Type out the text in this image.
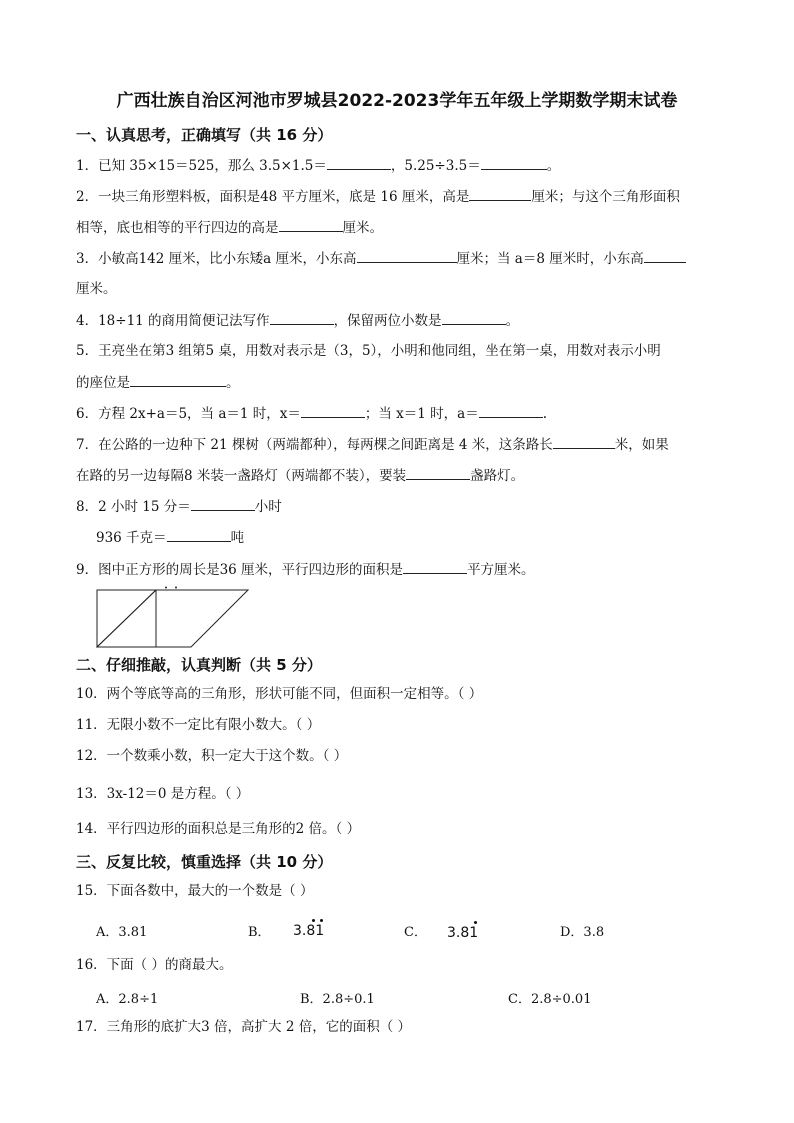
广西壮族自治区河池市罗城县2022-2023学年五年级上学期数学期末试卷
一、认真思考，正确填写（共 16 分）
1．已知 35×15＝525，那么 3.5×1.5＝	，5.25÷3.5＝	。
2．一块三角形塑料板，面积是48 平方厘米，底是 16 厘米，高是	厘米；与这个三角形面积
相等，底也相等的平行四边的高是	厘米。
3．小敏高142 厘米，比小东矮a 厘米，小东高	厘米；当 a＝8 厘米时，小东高
厘米。
4．18÷11 的商用简便记法写作	，保留两位小数是	。
5．王亮坐在第3 组第5 桌，用数对表示是（3，5），小明和他同组，坐在第一桌，用数对表示小明
的座位是	。
6．方程 2x+a＝5，当 a＝1 时，x＝	；当 x＝1 时，a＝	.
7．在公路的一边种下 21 棵树（两端都种），每两棵之间距离是 4 米，这条路长	米，如果
在路的另一边每隔8 米装一盏路灯（两端都不装），要装	盏路灯。
8．2 小时 15 分＝	小时
936 千克＝	吨
9．图中正方形的周长是36 厘米，平行四边形的面积是	平方厘米。
二、仔细推敲，认真判断（共 5 分）
10．两个等底等高的三角形，形状可能不同，但面积一定相等。（ ）
11．无限小数不一定比有限小数大。（ ）
12．一个数乘小数，积一定大于这个数。（ ）
13．3x-12＝0 是方程。（ ）
14．平行四边形的面积总是三角形的2 倍。（ ）
三、反复比较，慎重选择（共 10 分）
15．下面各数中，最大的一个数是（ ）
A．3.81	B． 3.81	C． 3.81	D．3.8
16．下面（ ）的商最大。
A．2.8÷1	B．2.8÷0.1	C．2.8÷0.01
17．三角形的底扩大3 倍，高扩大 2 倍，它的面积（ ）
